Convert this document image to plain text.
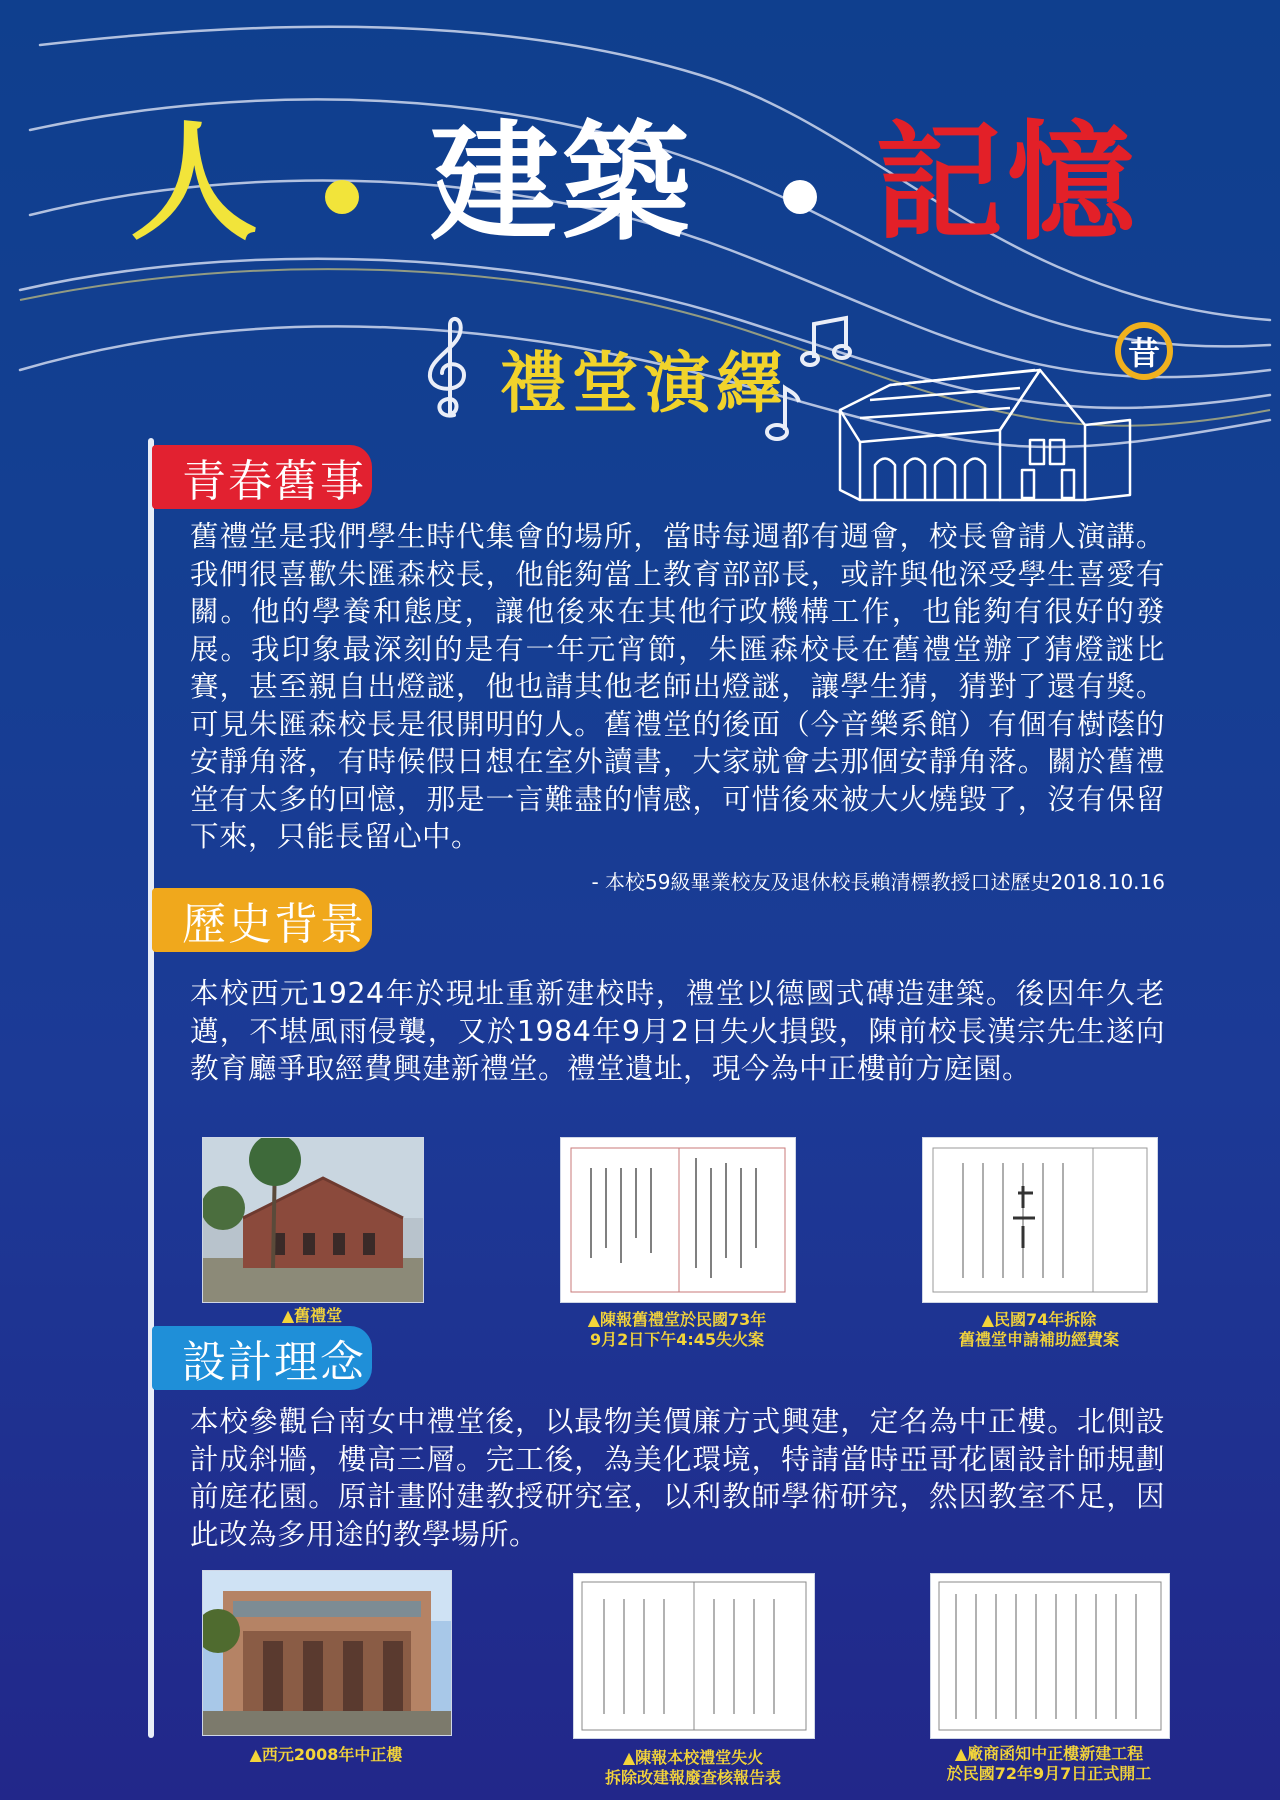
人 建築 記憶
禮堂演繹	昔
青春舊事
舊禮堂是我們學生時代集會的場所，當時每週都有週會，校長會請人演講。我們很喜歡朱匯森校長，他能夠當上教育部部長，或許與他深受學生喜愛有關。他的學養和態度，讓他後來在其他行政機構工作，也能夠有很好的發展。我印象最深刻的是有一年元宵節，朱匯森校長在舊禮堂辦了猜燈謎比賽，甚至親自出燈謎，他也請其他老師出燈謎，讓學生猜，猜對了還有獎。可見朱匯森校長是很開明的人。舊禮堂的後面（今音樂系館）有個有樹蔭的安靜角落，有時候假日想在室外讀書，大家就會去那個安靜角落。關於舊禮堂有太多的回憶，那是一言難盡的情感，可惜後來被大火燒毀了，沒有保留下來，只能長留心中。
- 本校59級畢業校友及退休校長賴清標教授口述歷史2018.10.16
歷史背景
本校西元1924年於現址重新建校時，禮堂以德國式磚造建築。後因年久老邁，不堪風雨侵襲，又於1984年9月2日失火損毀，陳前校長漢宗先生遂向教育廳爭取經費興建新禮堂。禮堂遺址，現今為中正樓前方庭園。
▲舊禮堂	▲陳報舊禮堂於民國73年
9月2日下午4:45失火案
▲民國74年拆除
舊禮堂申請補助經費案
設計理念
本校參觀台南女中禮堂後，以最物美價廉方式興建，定名為中正樓。北側設計成斜牆，樓高三層。完工後，為美化環境，特請當時亞哥花園設計師規劃前庭花園。原計畫附建教授研究室，以利教師學術研究，然因教室不足，因此改為多用途的教學場所。
▲西元2008年中正樓	▲陳報本校禮堂失火
拆除改建報廢查核報告表
▲廠商函知中正樓新建工程
於民國72年9月7日正式開工
